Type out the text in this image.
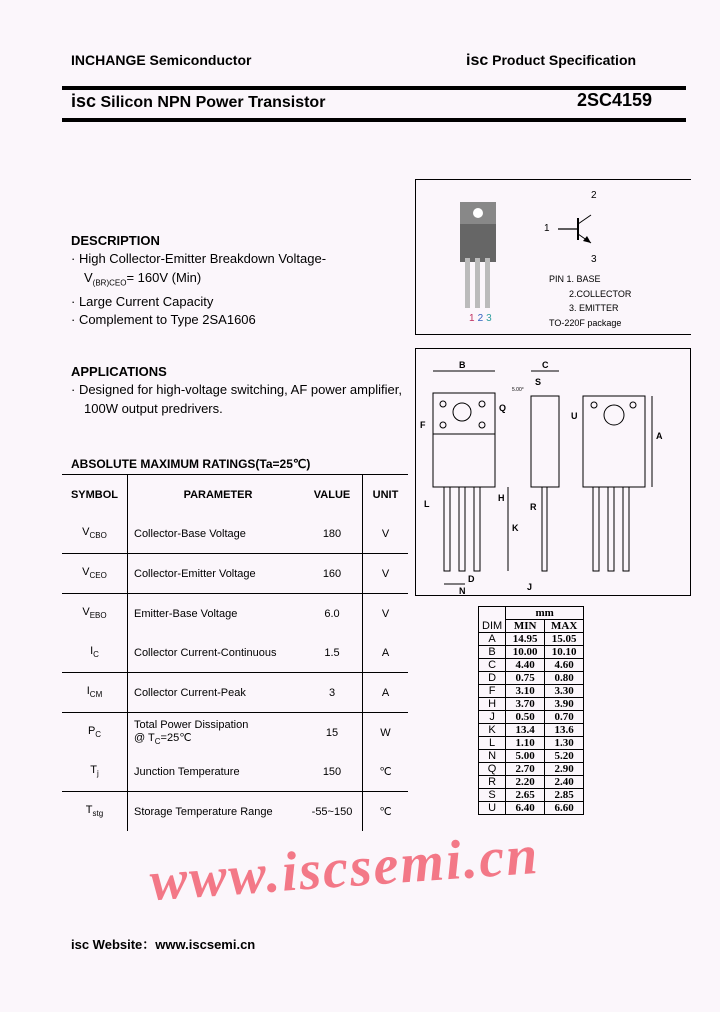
INCHANGE Semiconductor	isc Product Specification
isc Silicon NPN Power Transistor	2SC4159
123
2
1
3
PIN 1. BASE
2.COLLECTOR
3. EMITTER
TO-220F package
DESCRIPTION
· High Collector-Emitter Breakdown Voltage-
$V_{(BR)CEO}= 160V$ (Min)
· Large Current Capacity
· Complement to Type 2SA1606
APPLICATIONS
· Designed for high-voltage switching, AF power amplifier,
100W output predrivers.
ABSOLUTE MAXIMUM RATINGS(Ta=25℃)
SYMBOL	PARAMETER	VALUE	UNIT
$V_{CBO}$	Collector-Base Voltage	180	V
$V_{CEO}$	Collector-Emitter Voltage	160	V
$V_{EBO}$	Emitter-Base Voltage	6.0	V
$I_C$	Collector Current-Continuous	1.5	A
$I_{CM}$	Collector Current-Peak	3	A
$P_C$	Total Power Dissipation
@ $T_C=25℃$	15	W
$T_j$	Junction Temperature	150	℃
$T_{stg}$	Storage Temperature Range	-55~150	℃
B	C
S
Q
F
U
A
H
R
L
K
D
J
N
5.00°
DIM	mm	
	MIN	MAX
A	14.95	15.05
B	10.00	10.10
C	4.40	4.60
D	0.75	0.80
F	3.10	3.30
H	3.70	3.90
J	0.50	0.70
K	13.4	13.6
L	1.10	1.30
N	5.00	5.20
Q	2.70	2.90
R	2.20	2.40
S	2.65	2.85
U	6.40	6.60
www.iscsemi.cn
isc Website：www.iscsemi.cn
